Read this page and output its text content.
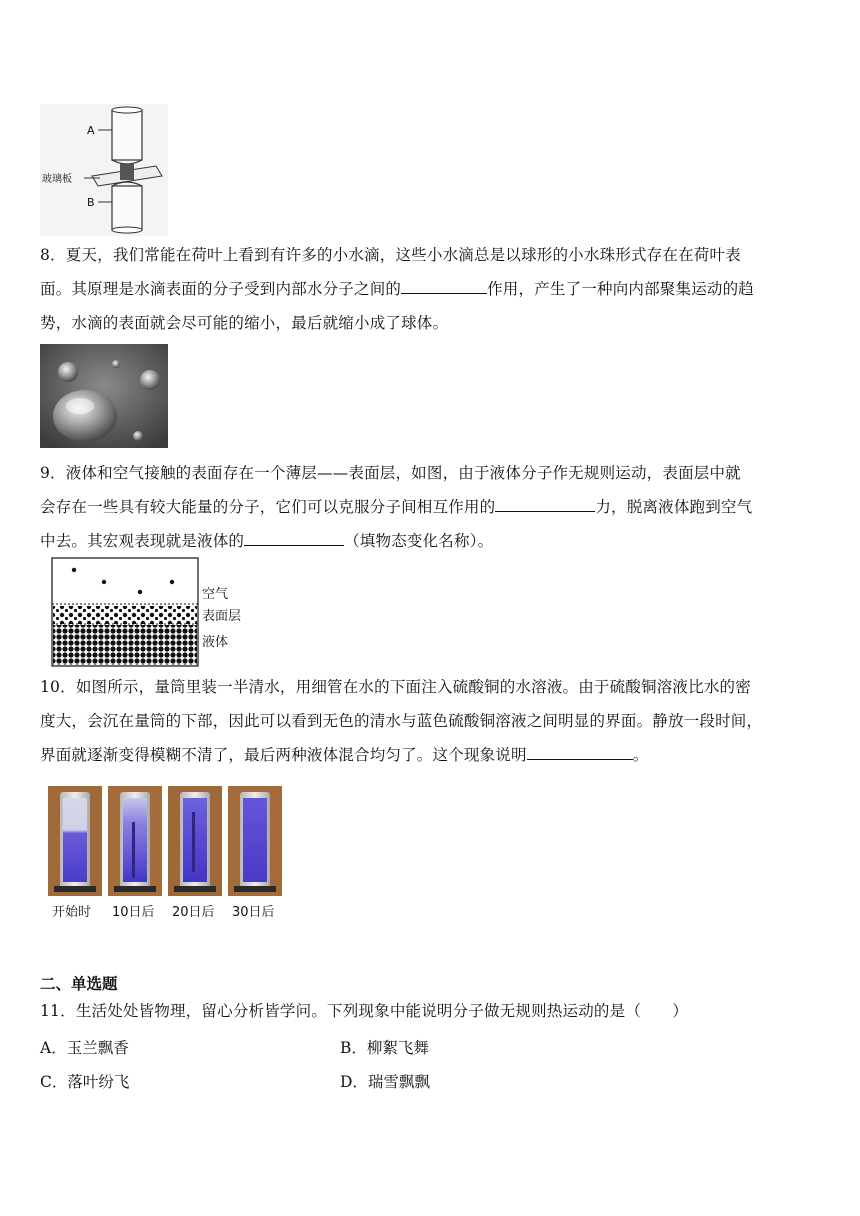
A
玻璃板
B
8．夏天，我们常能在荷叶上看到有许多的小水滴，这些小水滴总是以球形的小水珠形式存在在荷叶表
面。其原理是水滴表面的分子受到内部水分子之间的	作用，产生了一种向内部聚集运动的趋
势，水滴的表面就会尽可能的缩小，最后就缩小成了球体。
9．液体和空气接触的表面存在一个薄层——表面层，如图，由于液体分子作无规则运动，表面层中就
会存在一些具有较大能量的分子，它们可以克服分子间相互作用的	力，脱离液体跑到空气
中去。其宏观表现就是液体的	（填物态变化名称）。
空气
表面层
液体
10．如图所示，量筒里装一半清水，用细管在水的下面注入硫酸铜的水溶液。由于硫酸铜溶液比水的密
度大，会沉在量筒的下部，因此可以看到无色的清水与蓝色硫酸铜溶液之间明显的界面。静放一段时间，
界面就逐渐变得模糊不清了，最后两种液体混合均匀了。这个现象说明	。
开始时 10日后 20日后 30日后
二、单选题
11．生活处处皆物理，留心分析皆学问。下列现象中能说明分子做无规则热运动的是（　　）
A．玉兰飘香	B．柳絮飞舞
C．落叶纷飞	D．瑞雪飘飘
